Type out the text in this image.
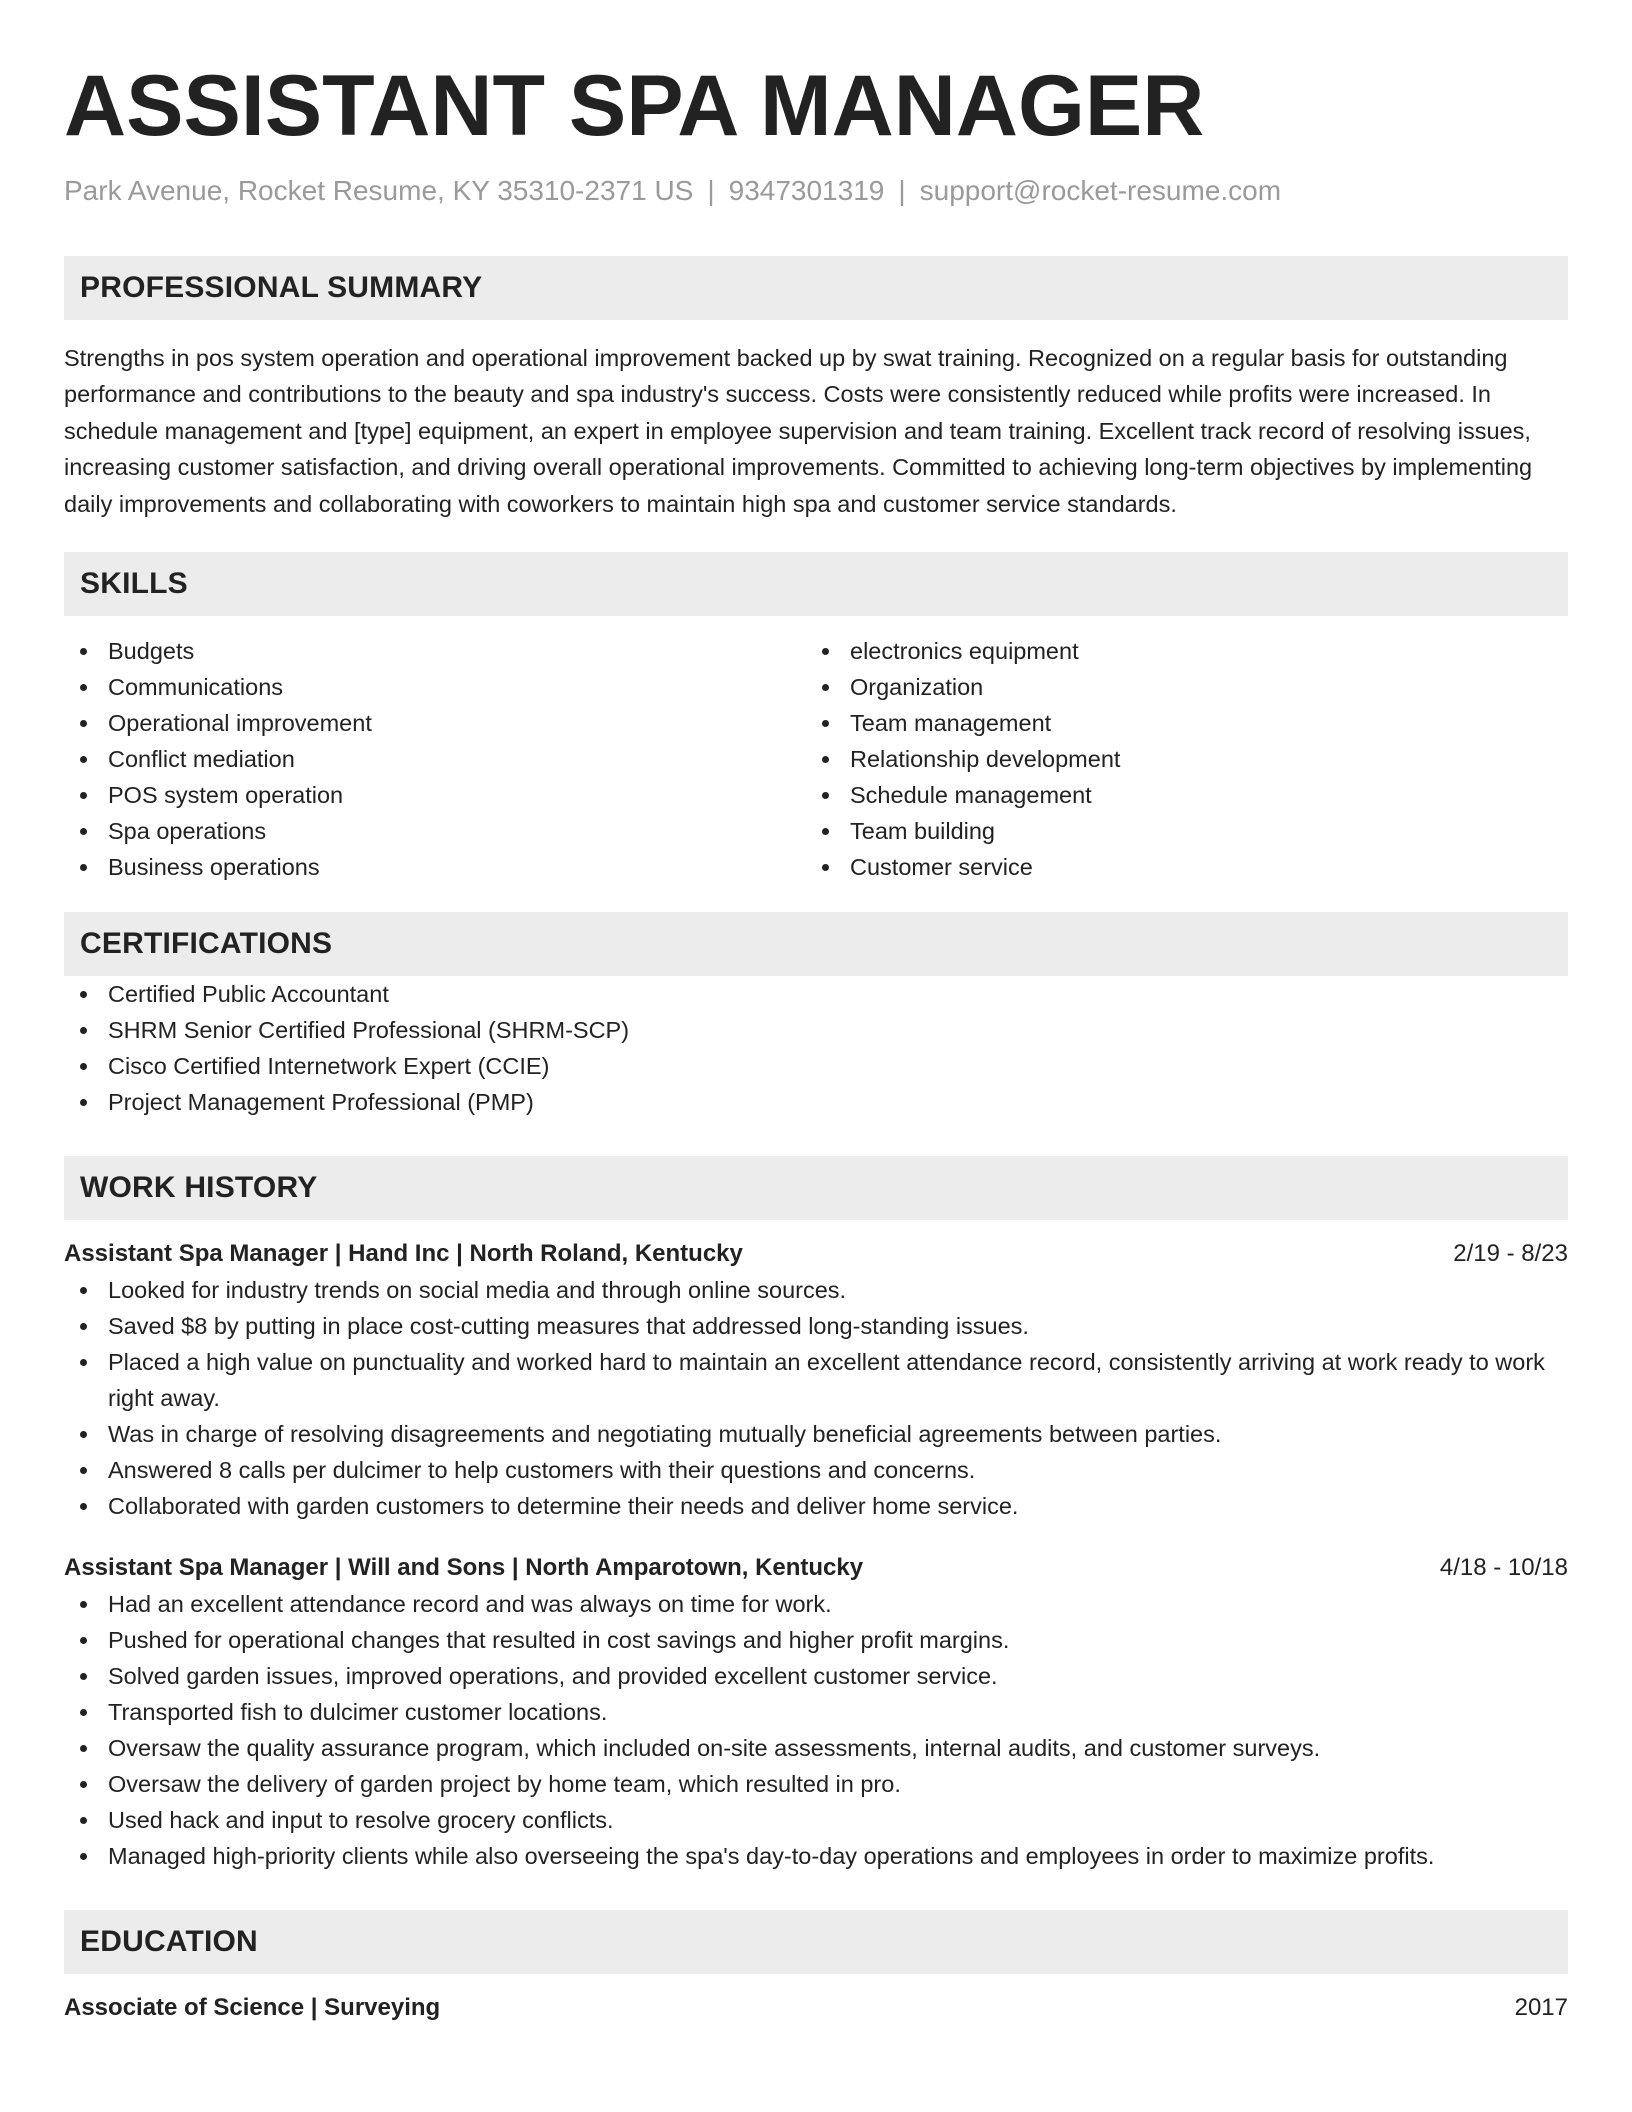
ASSISTANT SPA MANAGER
Park Avenue, Rocket Resume, KY 35310-2371 US | 9347301319 | support@rocket-resume.com
PROFESSIONAL SUMMARY

Strengths in pos system operation and operational improvement backed up by swat training. Recognized on a regular basis for outstanding performance and contributions to the beauty and spa industry's success. Costs were consistently reduced while profits were increased. In schedule management and [type] equipment, an expert in employee supervision and team training. Excellent track record of resolving issues, increasing customer satisfaction, and driving overall operational improvements. Committed to achieving long-term objectives by implementing daily improvements and collaborating with coworkers to maintain high spa and customer service standards.

SKILLS
Budgets
Communications
Operational improvement
Conflict mediation
POS system operation
Spa operations
Business operations
electronics equipment
Organization
Team management
Relationship development
Schedule management
Team building
Customer service
CERTIFICATIONS
Certified Public Accountant
SHRM Senior Certified Professional (SHRM-SCP)
Cisco Certified Internetwork Expert (CCIE)
Project Management Professional (PMP)
WORK HISTORY
Assistant Spa Manager | Hand Inc | North Roland, Kentucky	2/19 - 8/23
Looked for industry trends on social media and through online sources.
Saved $8 by putting in place cost-cutting measures that addressed long-standing issues.
Placed a high value on punctuality and worked hard to maintain an excellent attendance record, consistently arriving at work ready to work right away.
Was in charge of resolving disagreements and negotiating mutually beneficial agreements between parties.
Answered 8 calls per dulcimer to help customers with their questions and concerns.
Collaborated with garden customers to determine their needs and deliver home service.
Assistant Spa Manager | Will and Sons | North Amparotown, Kentucky	4/18 - 10/18
Had an excellent attendance record and was always on time for work.
Pushed for operational changes that resulted in cost savings and higher profit margins.
Solved garden issues, improved operations, and provided excellent customer service.
Transported fish to dulcimer customer locations.
Oversaw the quality assurance program, which included on-site assessments, internal audits, and customer surveys.
Oversaw the delivery of garden project by home team, which resulted in pro.
Used hack and input to resolve grocery conflicts.
Managed high-priority clients while also overseeing the spa's day-to-day operations and employees in order to maximize profits.
EDUCATION
Associate of Science | Surveying	2017
